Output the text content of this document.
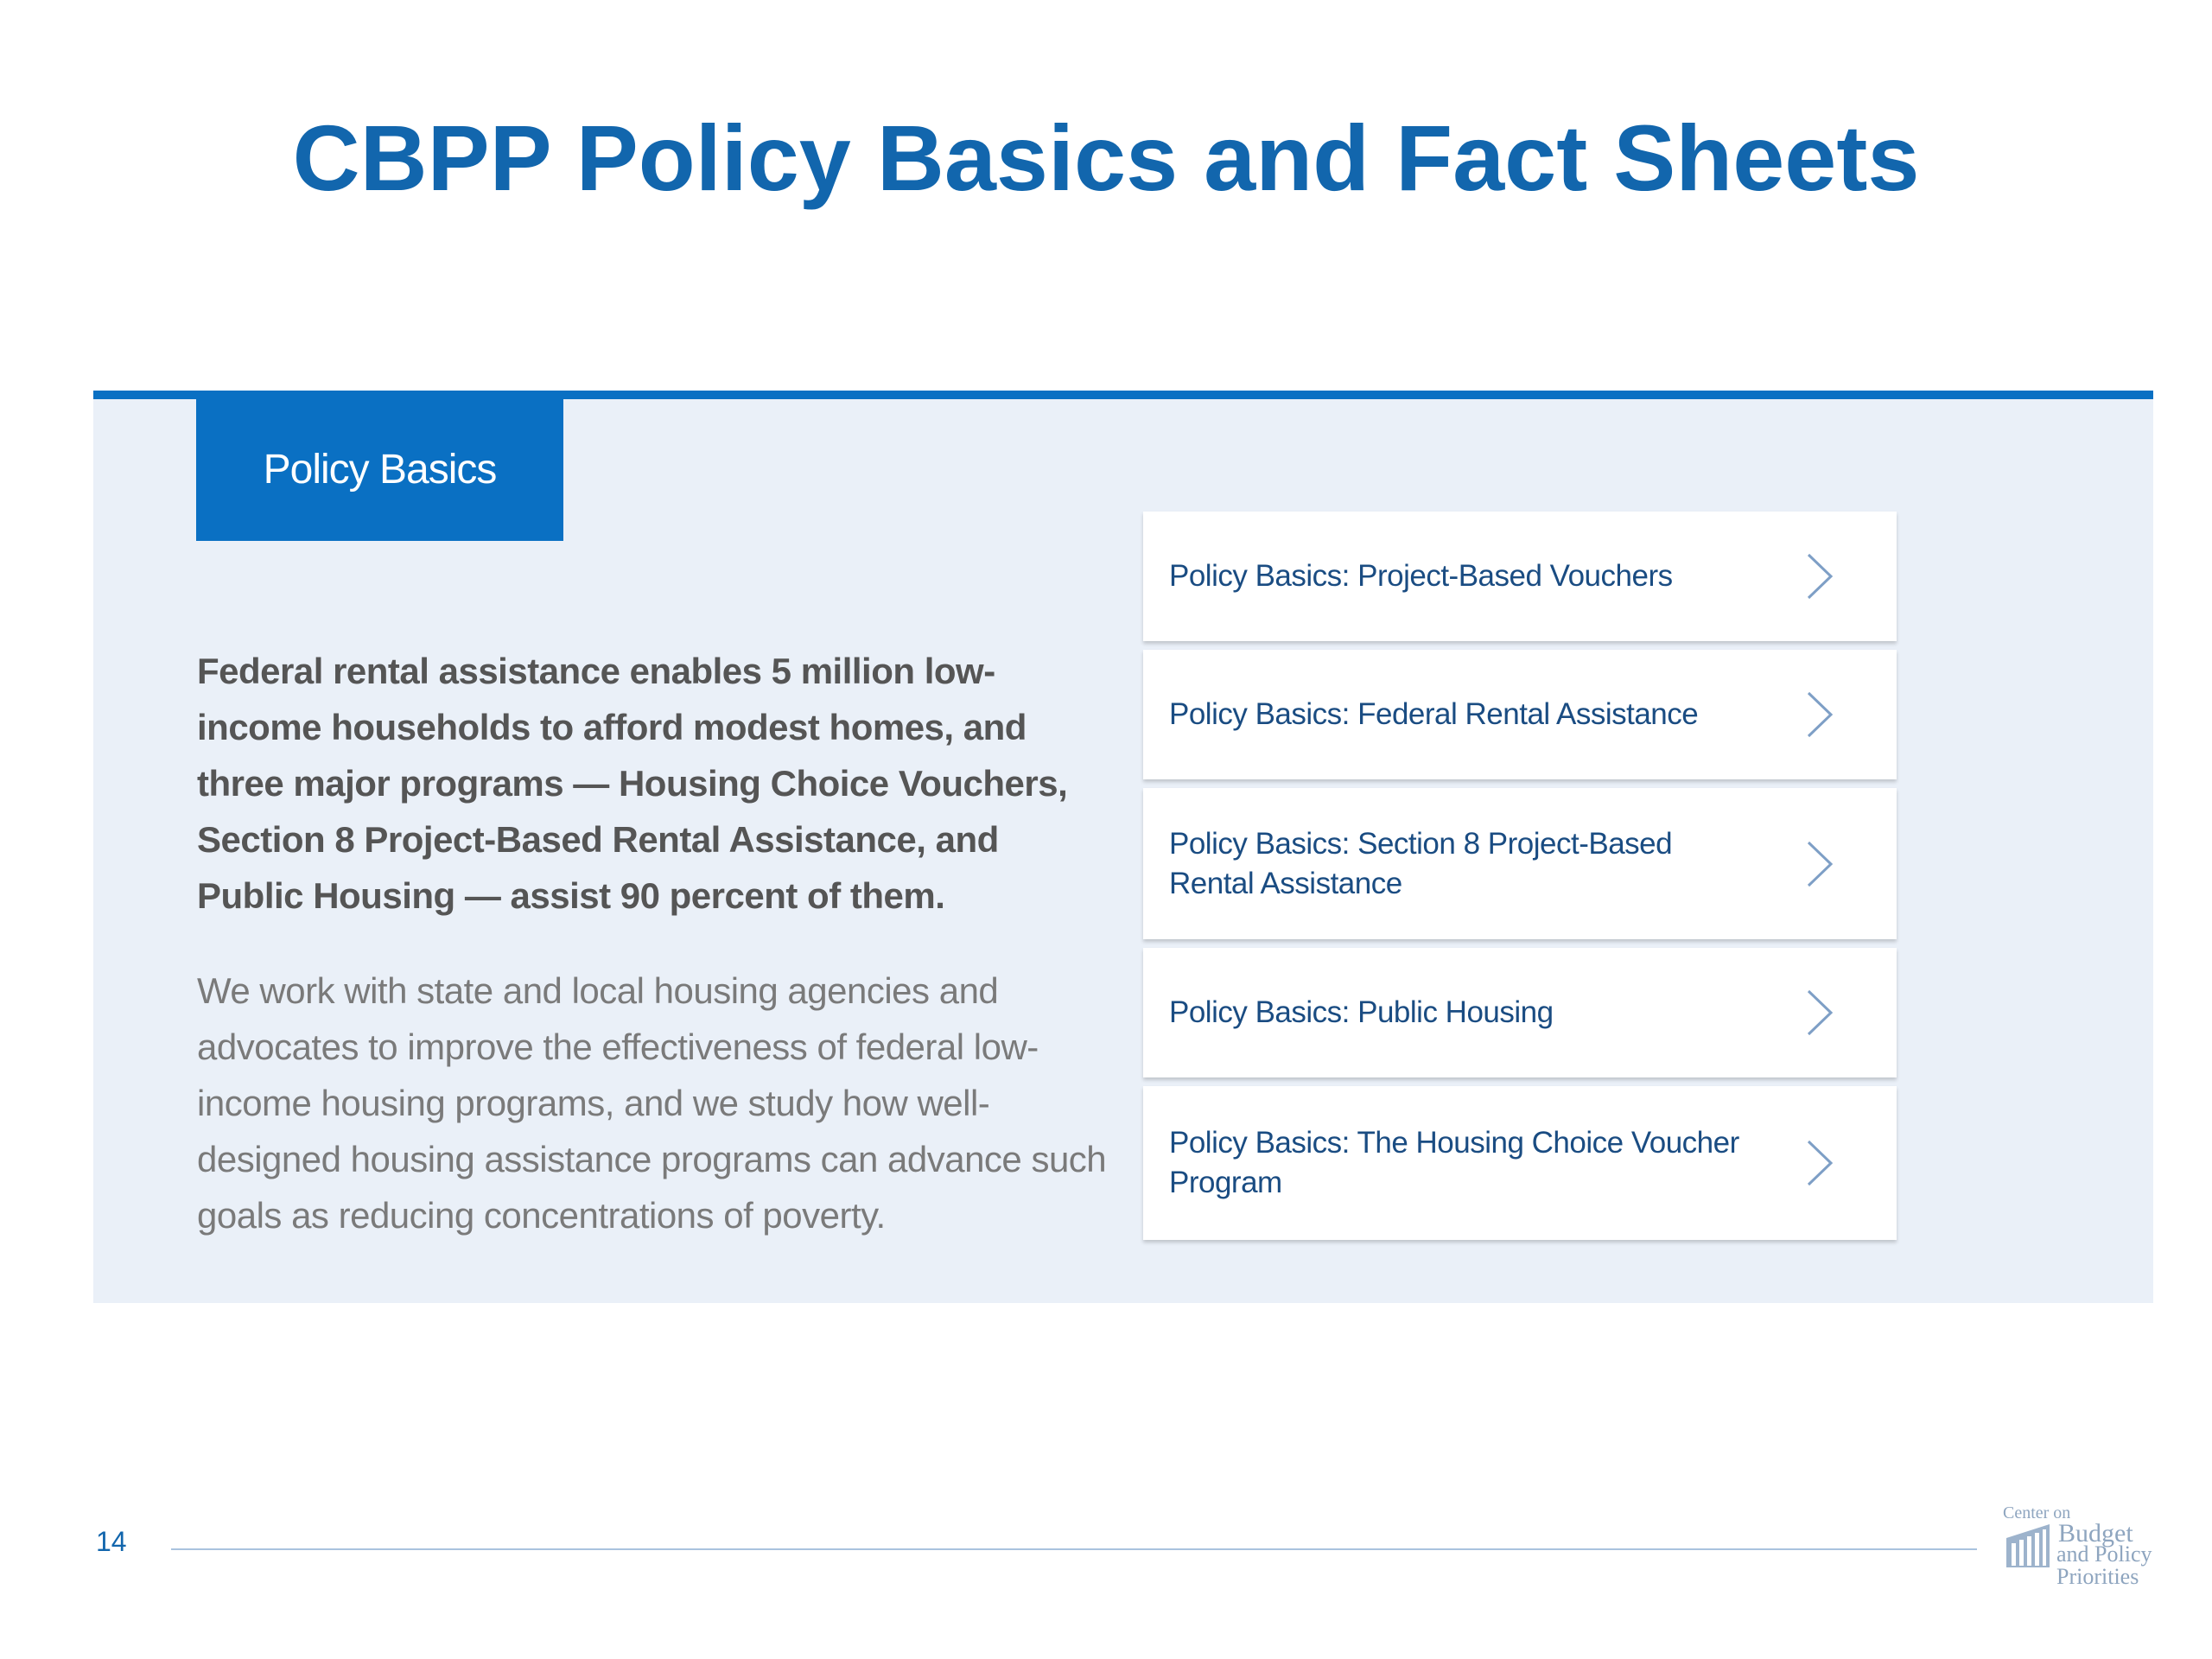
CBPP Policy Basics and Fact Sheets
Policy Basics

Federal rental assistance enables 5 million low-income households to afford modest homes, and three major programs — Housing Choice Vouchers, Section 8 Project-Based Rental Assistance, and Public Housing — assist 90 percent of them.

We work with state and local housing agencies and advocates to improve the effectiveness of federal low-income housing programs, and we study how well-designed housing assistance programs can advance such goals as reducing concentrations of poverty.

Policy Basics: Project-Based Vouchers
Policy Basics: Federal Rental Assistance
Policy Basics: Section 8 Project-Based Rental Assistance
Policy Basics: Public Housing
Policy Basics: The Housing Choice Voucher Program
14
Center on
Budget
and Policy
Priorities
